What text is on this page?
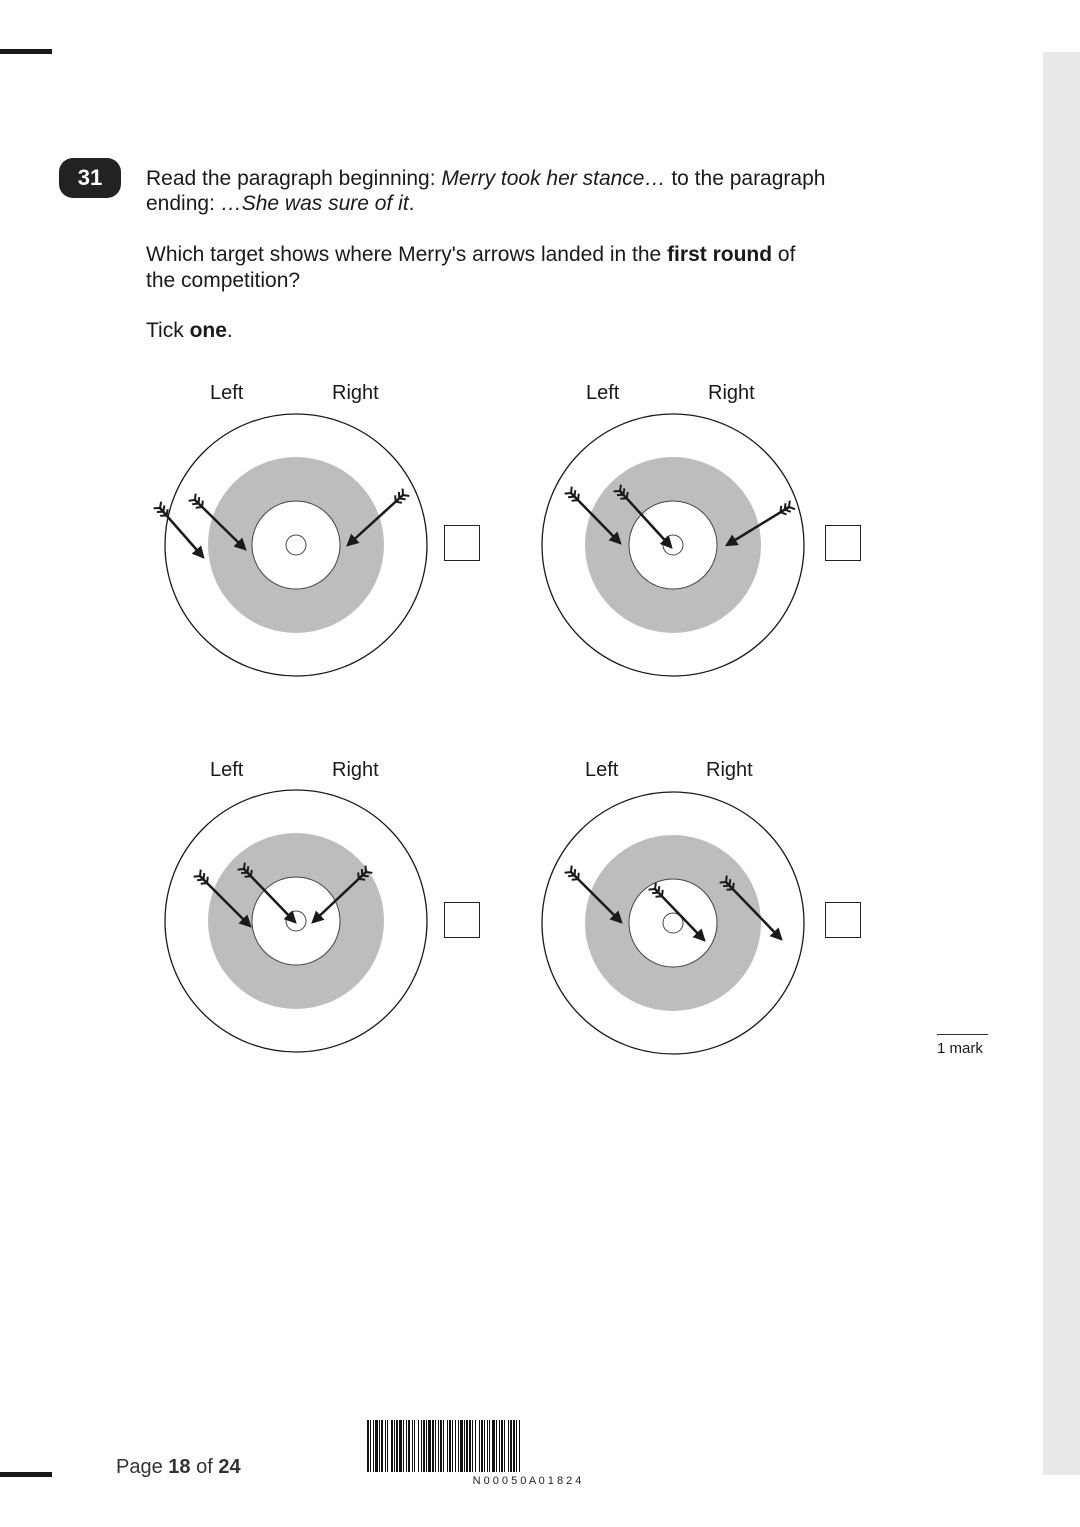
31	Read the paragraph beginning: Merry took her stance… to the paragraph
ending: …She was sure of it.
Which target shows where Merry's arrows landed in the first round of
the competition?
Tick one.
Left	Right	Left	Right
Left	Right	Left	Right
1 mark
Page 18 of 24
N 0 0 0 5 0 A 0 1 8 2 4
